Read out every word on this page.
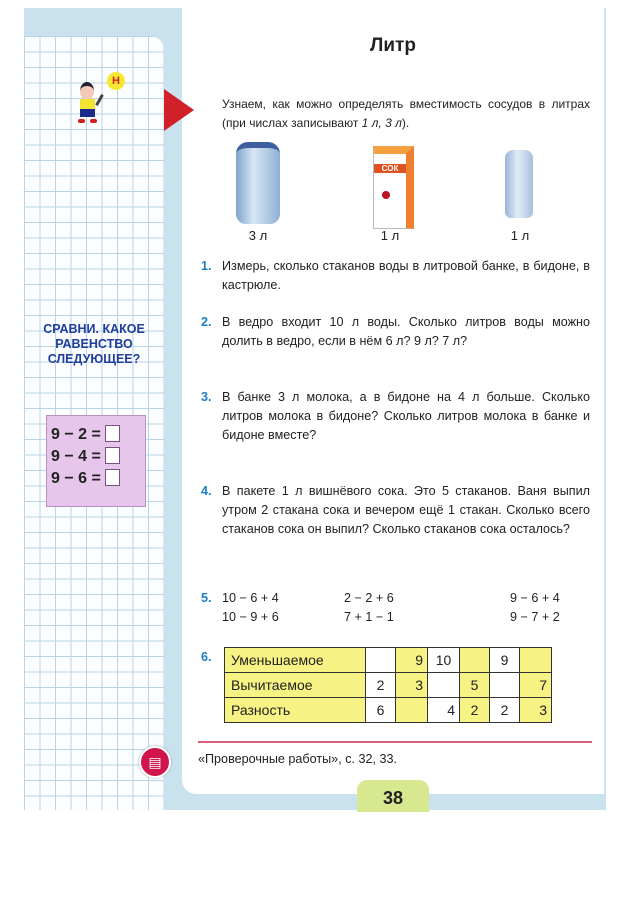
Н
СРАВНИ. КАКОЕ РАВЕНСТВО СЛЕДУЮЩЕЕ?
9 − 2 =
9 − 4 =
9 − 6 =
▤
Литр
Узнаем, как можно определять вместимость сосудов в литрах (при числах записывают 1 л, 3 л).
СОК
3 л	1 л	1 л
1. Измерь, сколько стаканов воды в литровой банке, в бидоне, в кастрюле.
2. В ведро входит 10 л воды. Сколько литров воды можно долить в ведро, если в нём 6 л? 9 л? 7 л?
3. В банке 3 л молока, а в бидоне на 4 л больше. Сколько литров молока в бидоне? Сколько литров молока в банке и бидоне вместе?
4. В пакете 1 л вишнёвого сока. Это 5 стаканов. Ваня выпил утром 2 стакана сока и вечером ещё 1 стакан. Сколько всего стаканов сока он выпил? Сколько стаканов сока осталось?
5. 10 − 6 + 4	2 − 2 + 6	9 − 6 + 4
10 − 9 + 6	7 + 1 − 1	9 − 7 + 2
6. Уменьшаемое		9	10		9	
Вычитаемое	2	3		5		7
Разность	6		4	2	2	3
«Проверочные работы», с. 32, 33.
38
